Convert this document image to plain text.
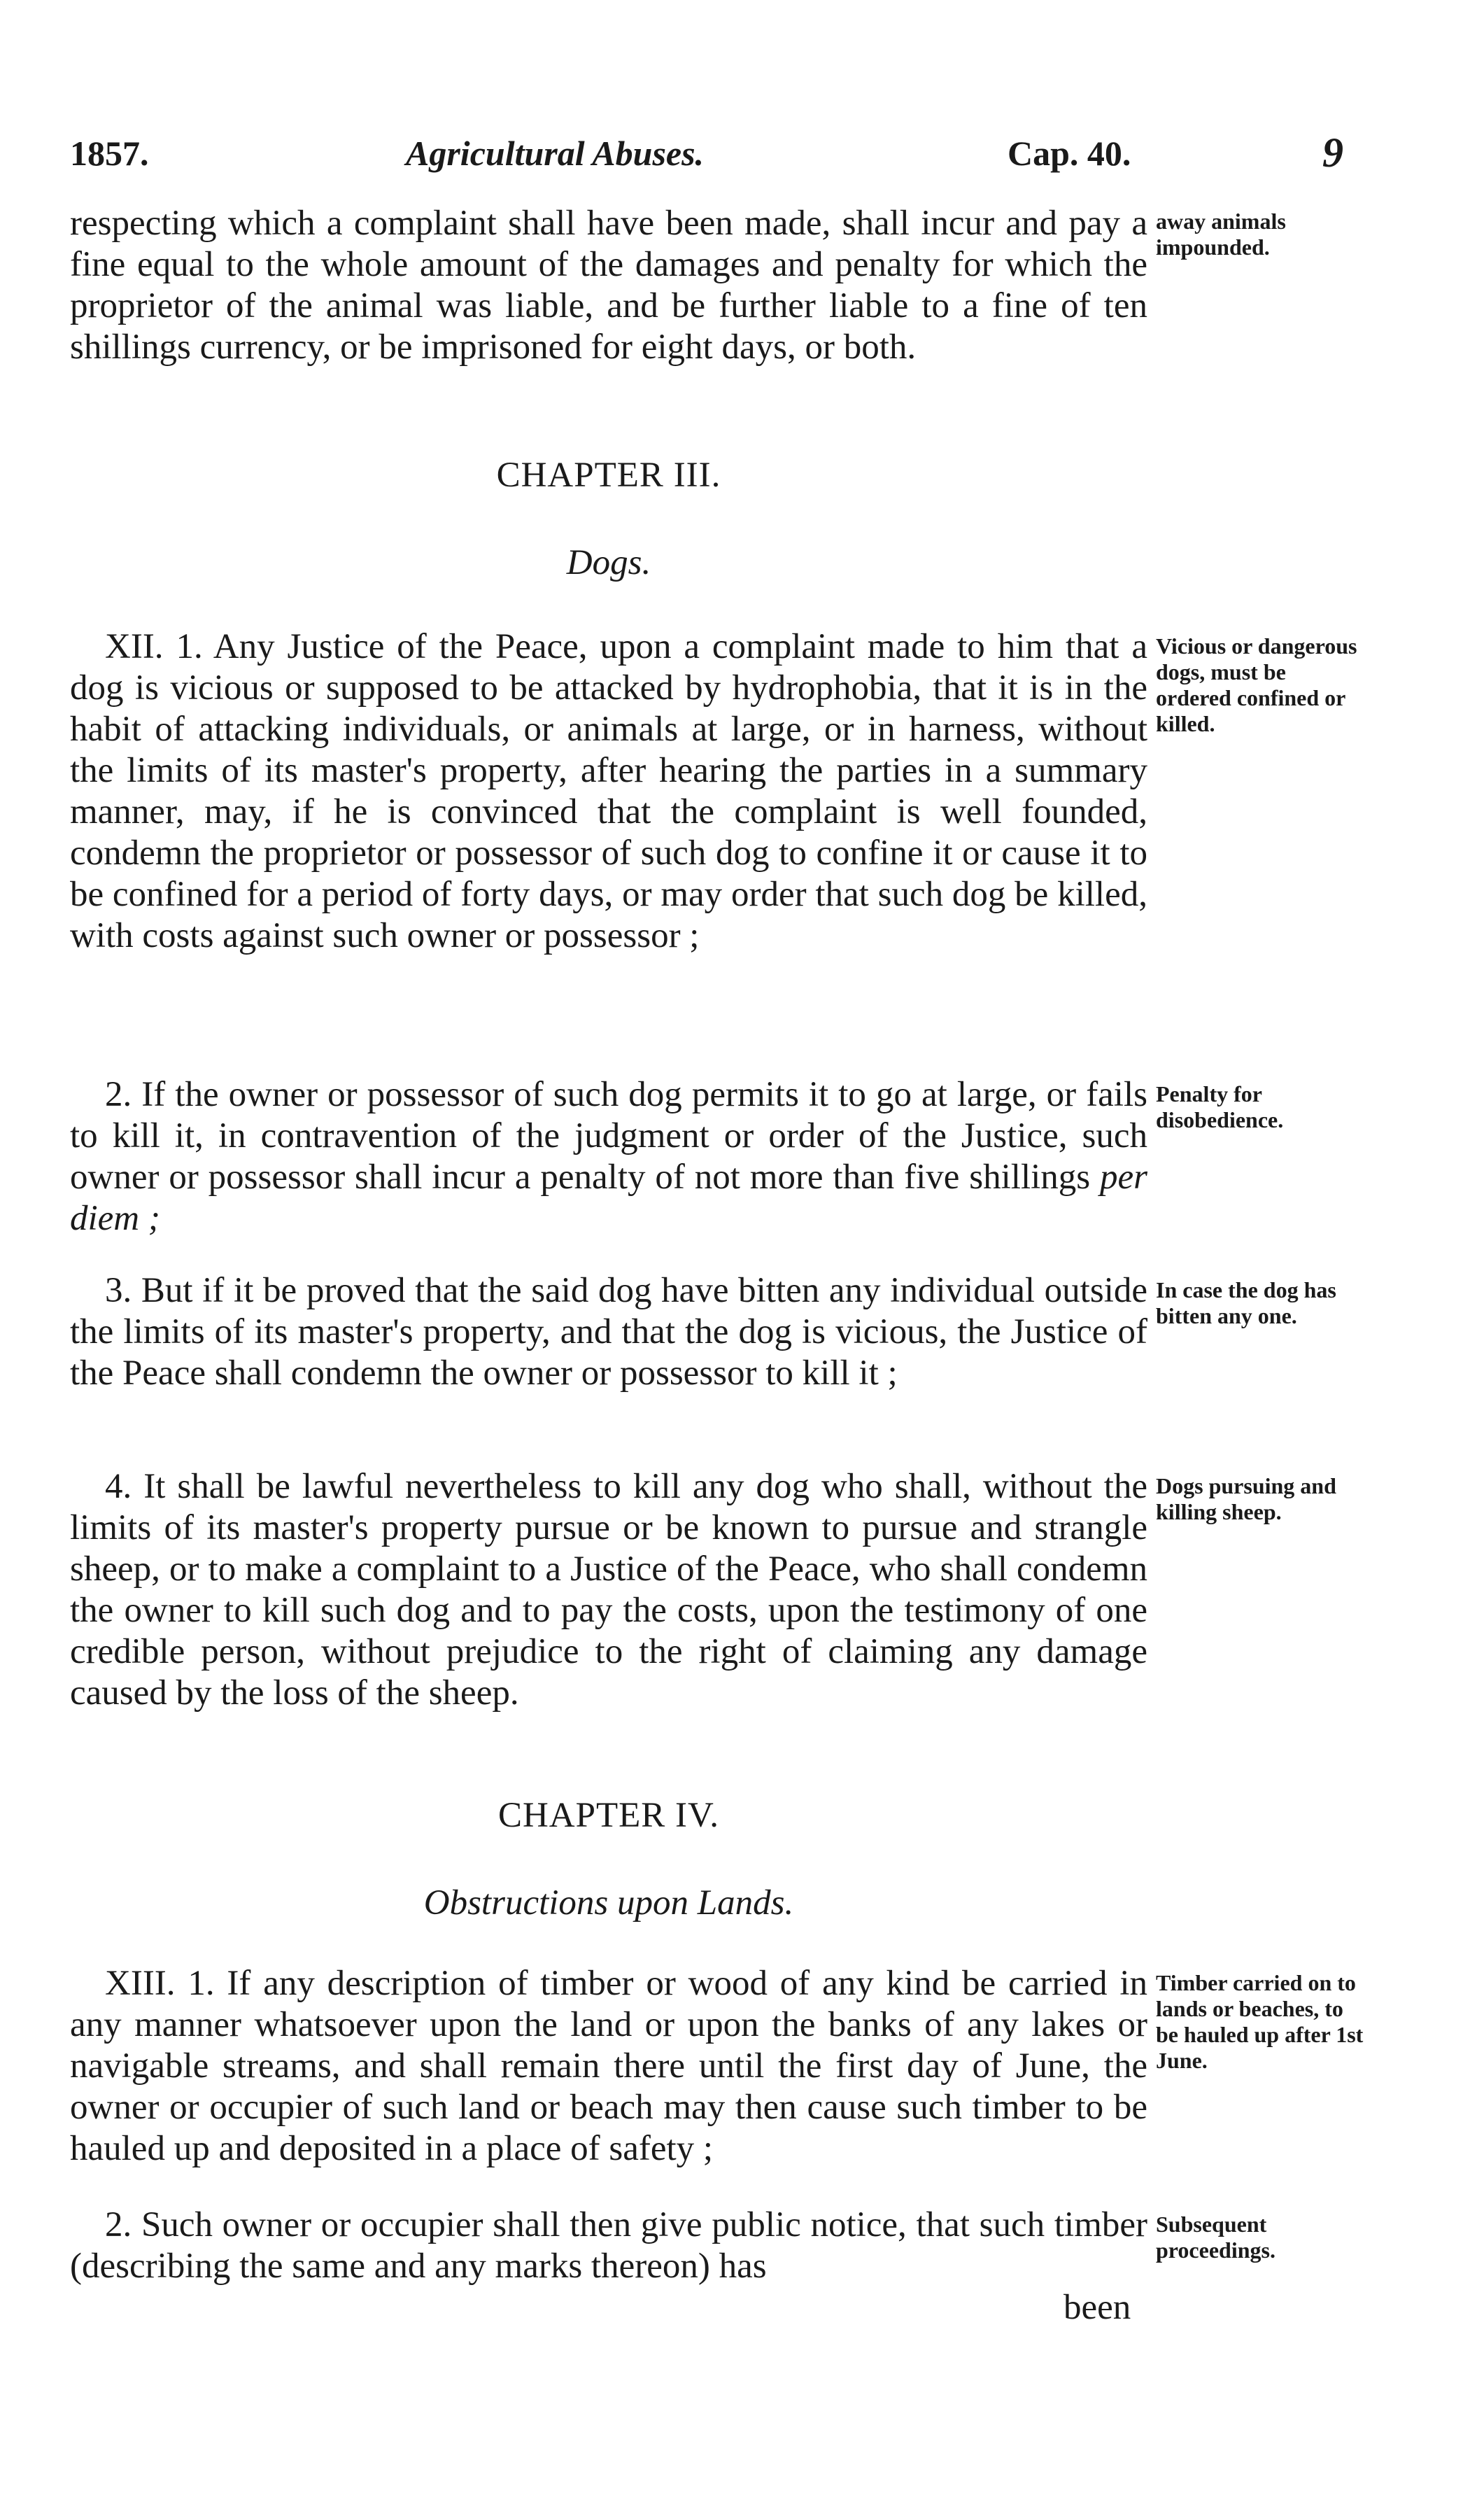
1857.	Agricultural Abuses.	Cap. 40.	9

respecting which a complaint shall have been made, shall incur and pay a fine equal to the whole amount of the damages and penalty for which the proprietor of the animal was liable, and be further liable to a fine of ten shillings currency, or be imprisoned for eight days, or both.

away animals impounded.

CHAPTER III.

Dogs.

XII. 1. Any Justice of the Peace, upon a complaint made to him that a dog is vicious or supposed to be attacked by hydrophobia, that it is in the habit of attacking individuals, or animals at large, or in harness, without the limits of its master's property, after hearing the parties in a summary manner, may, if he is convinced that the complaint is well founded, condemn the proprietor or possessor of such dog to confine it or cause it to be confined for a period of forty days, or may order that such dog be killed, with costs against such owner or possessor ;

Vicious or dangerous dogs, must be ordered confined or killed.

2. If the owner or possessor of such dog permits it to go at large, or fails to kill it, in contravention of the judgment or order of the Justice, such owner or possessor shall incur a penalty of not more than five shillings per diem ;

Penalty for disobedience.

3. But if it be proved that the said dog have bitten any individual outside the limits of its master's property, and that the dog is vicious, the Justice of the Peace shall condemn the owner or possessor to kill it ;

In case the dog has bitten any one.

4. It shall be lawful nevertheless to kill any dog who shall, without the limits of its master's property pursue or be known to pursue and strangle sheep, or to make a complaint to a Justice of the Peace, who shall condemn the owner to kill such dog and to pay the costs, upon the testimony of one credible person, without prejudice to the right of claiming any damage caused by the loss of the sheep.

Dogs pursuing and killing sheep.

CHAPTER IV.

Obstructions upon Lands.

XIII. 1. If any description of timber or wood of any kind be carried in any manner whatsoever upon the land or upon the banks of any lakes or navigable streams, and shall remain there until the first day of June, the owner or occupier of such land or beach may then cause such timber to be hauled up and deposited in a place of safety ;

Timber carried on to lands or beaches, to be hauled up after 1st June.

2. Such owner or occupier shall then give public notice, that such timber (describing the same and any marks thereon) has

Subsequent proceedings.

been
